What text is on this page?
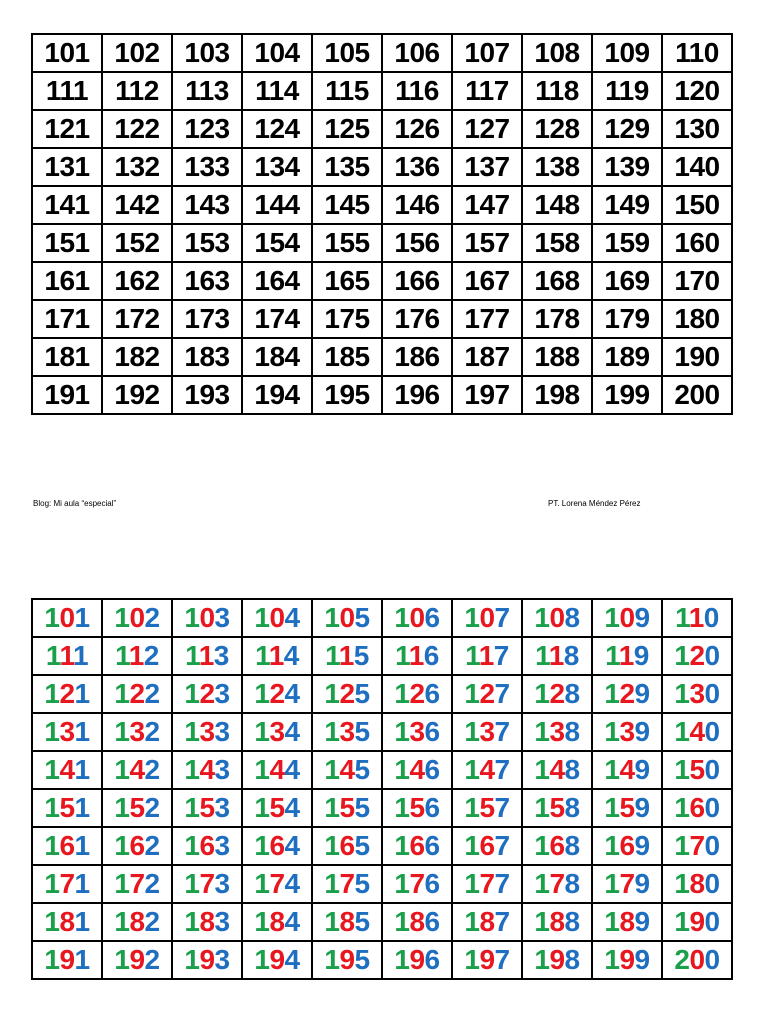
101	102	103	104	105	106	107	108	109	110
111	112	113	114	115	116	117	118	119	120
121	122	123	124	125	126	127	128	129	130
131	132	133	134	135	136	137	138	139	140
141	142	143	144	145	146	147	148	149	150
151	152	153	154	155	156	157	158	159	160
161	162	163	164	165	166	167	168	169	170
171	172	173	174	175	176	177	178	179	180
181	182	183	184	185	186	187	188	189	190
191	192	193	194	195	196	197	198	199	200
Blog: Mi aula “especial”	PT. Lorena Méndez Pérez
101	102	103	104	105	106	107	108	109	110
111	112	113	114	115	116	117	118	119	120
121	122	123	124	125	126	127	128	129	130
131	132	133	134	135	136	137	138	139	140
141	142	143	144	145	146	147	148	149	150
151	152	153	154	155	156	157	158	159	160
161	162	163	164	165	166	167	168	169	170
171	172	173	174	175	176	177	178	179	180
181	182	183	184	185	186	187	188	189	190
191	192	193	194	195	196	197	198	199	200
